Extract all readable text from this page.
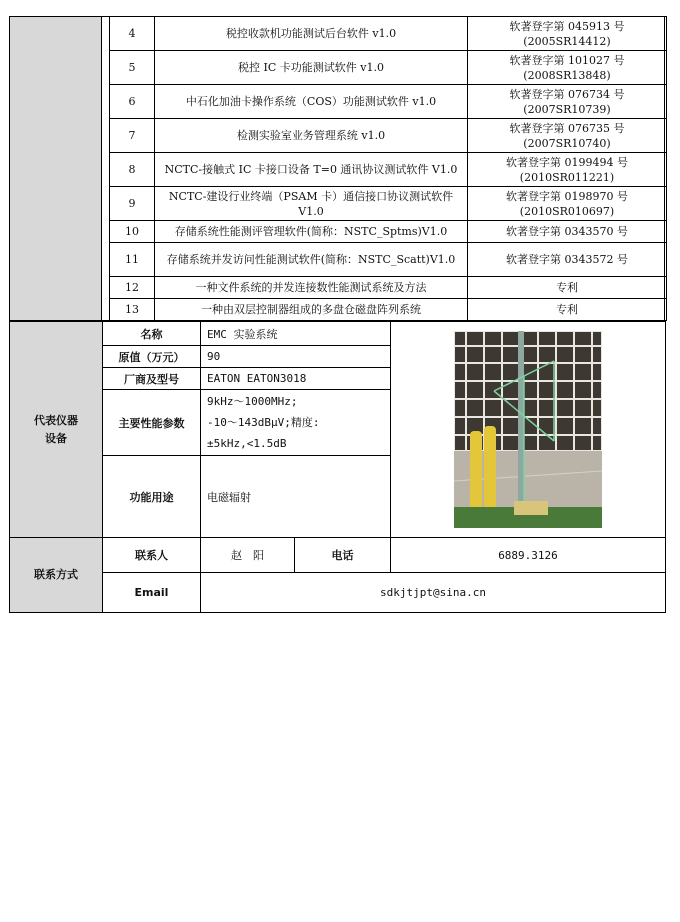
4	税控收款机功能测试后台软件 v1.0	软著登字第 045913 号
(2005SR14412)

5	税控 IC 卡功能测试软件 v1.0	软著登字第 101027 号
(2008SR13848)

6	中石化加油卡操作系统（COS）功能测试软件 v1.0	软著登字第 076734 号
(2007SR10739)

7	检测实验室业务管理系统 v1.0	软著登字第 076735 号
(2007SR10740)

8	NCTC-接触式 IC 卡接口设备 T=0 通讯协议测试软件 V1.0	软著登字第 0199494 号
(2010SR011221)

9	NCTC-建设行业终端（PSAM 卡）通信接口协议测试软件 V1.0	软著登字第 0198970 号
(2010SR010697)

10	存储系统性能测评管理软件(简称：NSTC_Sptms)V1.0	软著登字第 0343570 号

11	存储系统并发访问性能测试软件(简称：NSTC_Scatt)V1.0	软著登字第 0343572 号

12	一种文件系统的并发连接数性能测试系统及方法	专利

13	一种由双层控制器组成的多盘仓磁盘阵列系统	专利
代表仪器
设备	名称	EMC 实验系统	

	原值（万元）	90	
	厂商及型号	EATON EATON3018	
	主要性能参数	9kHz～1000MHz;
-10～143dBμV;精度:
±5kHz,<1.5dB	

	功能用途	电磁辐射	
联系方式	联系人	赵　阳	电话	6889.3126
	Email	sdkjtjpt@sina.cn		
